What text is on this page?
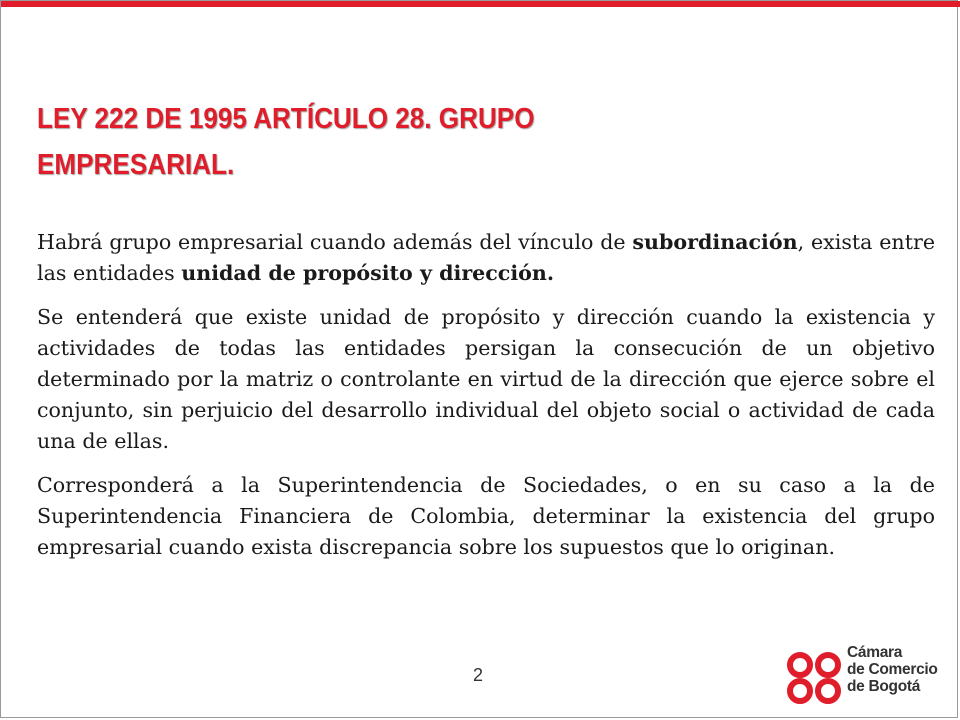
LEY 222 DE 1995 ARTÍCULO 28. GRUPO
EMPRESARIAL.

Habrá grupo empresarial cuando además del vínculo de subordinación, exista entre las entidades unidad de propósito y dirección.

Se entenderá que existe unidad de propósito y dirección cuando la existencia y actividades de todas las entidades persigan la consecución de un objetivo determinado por la matriz o controlante en virtud de la dirección que ejerce sobre el conjunto, sin perjuicio del desarrollo individual del objeto social o actividad de cada una de ellas.

Corresponderá a la Superintendencia de Sociedades, o en su caso a la de Superintendencia Financiera de Colombia, determinar la existencia del grupo empresarial cuando exista discrepancia sobre los supuestos que lo originan.

2
Cámara
de Comercio
de Bogotá
